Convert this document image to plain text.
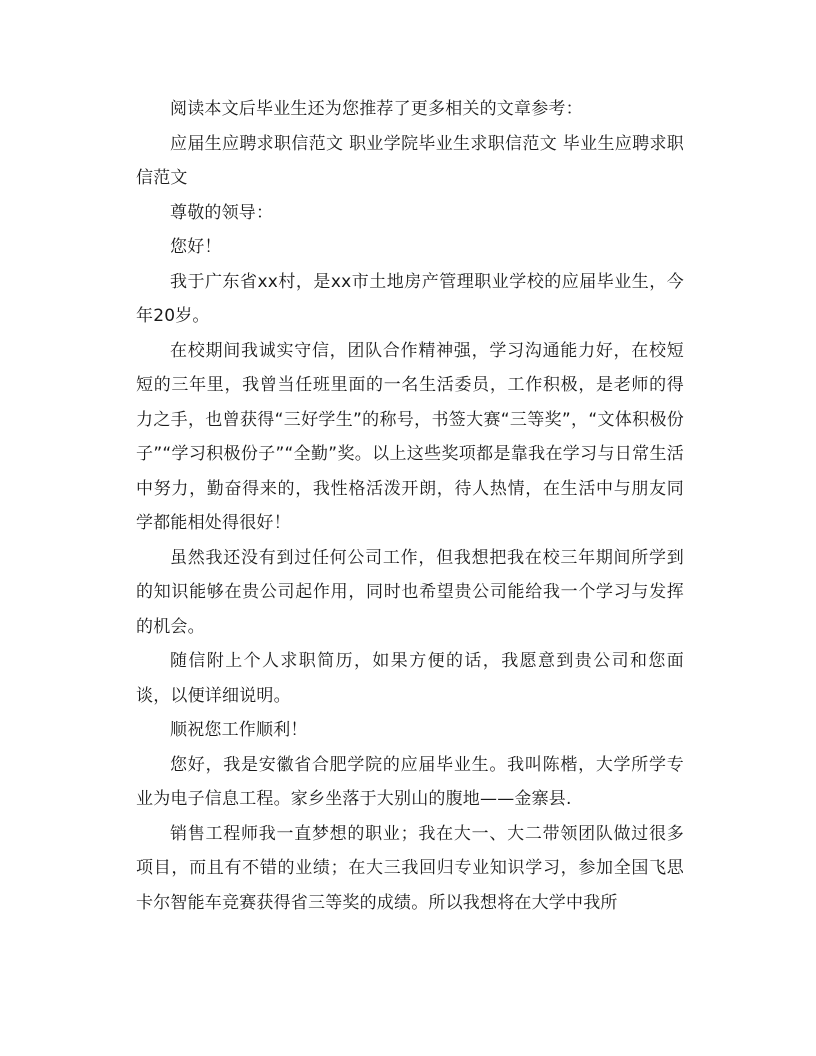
阅读本文后毕业生还为您推荐了更多相关的文章参考：

应届生应聘求职信范文 职业学院毕业生求职信范文 毕业生应聘求职信范文

尊敬的领导：

您好！

我于广东省xx村，是xx市土地房产管理职业学校的应届毕业生，今年20岁。

在校期间我诚实守信，团队合作精神强，学习沟通能力好，在校短短的三年里，我曾当任班里面的一名生活委员，工作积极，是老师的得力之手，也曾获得“三好学生”的称号，书签大赛“三等奖”，“文体积极份子”“学习积极份子”“全勤”奖。以上这些奖项都是靠我在学习与日常生活中努力，勤奋得来的，我性格活泼开朗，待人热情，在生活中与朋友同学都能相处得很好！

虽然我还没有到过任何公司工作，但我想把我在校三年期间所学到的知识能够在贵公司起作用，同时也希望贵公司能给我一个学习与发挥的机会。

随信附上个人求职简历，如果方便的话，我愿意到贵公司和您面谈，以便详细说明。

顺祝您工作顺利！

您好，我是安徽省合肥学院的应届毕业生。我叫陈楷，大学所学专业为电子信息工程。家乡坐落于大别山的腹地——金寨县.

销售工程师我一直梦想的职业；我在大一、大二带领团队做过很多项目，而且有不错的业绩；在大三我回归专业知识学习，参加全国飞思卡尔智能车竞赛获得省三等奖的成绩。所以我想将在大学中我所
